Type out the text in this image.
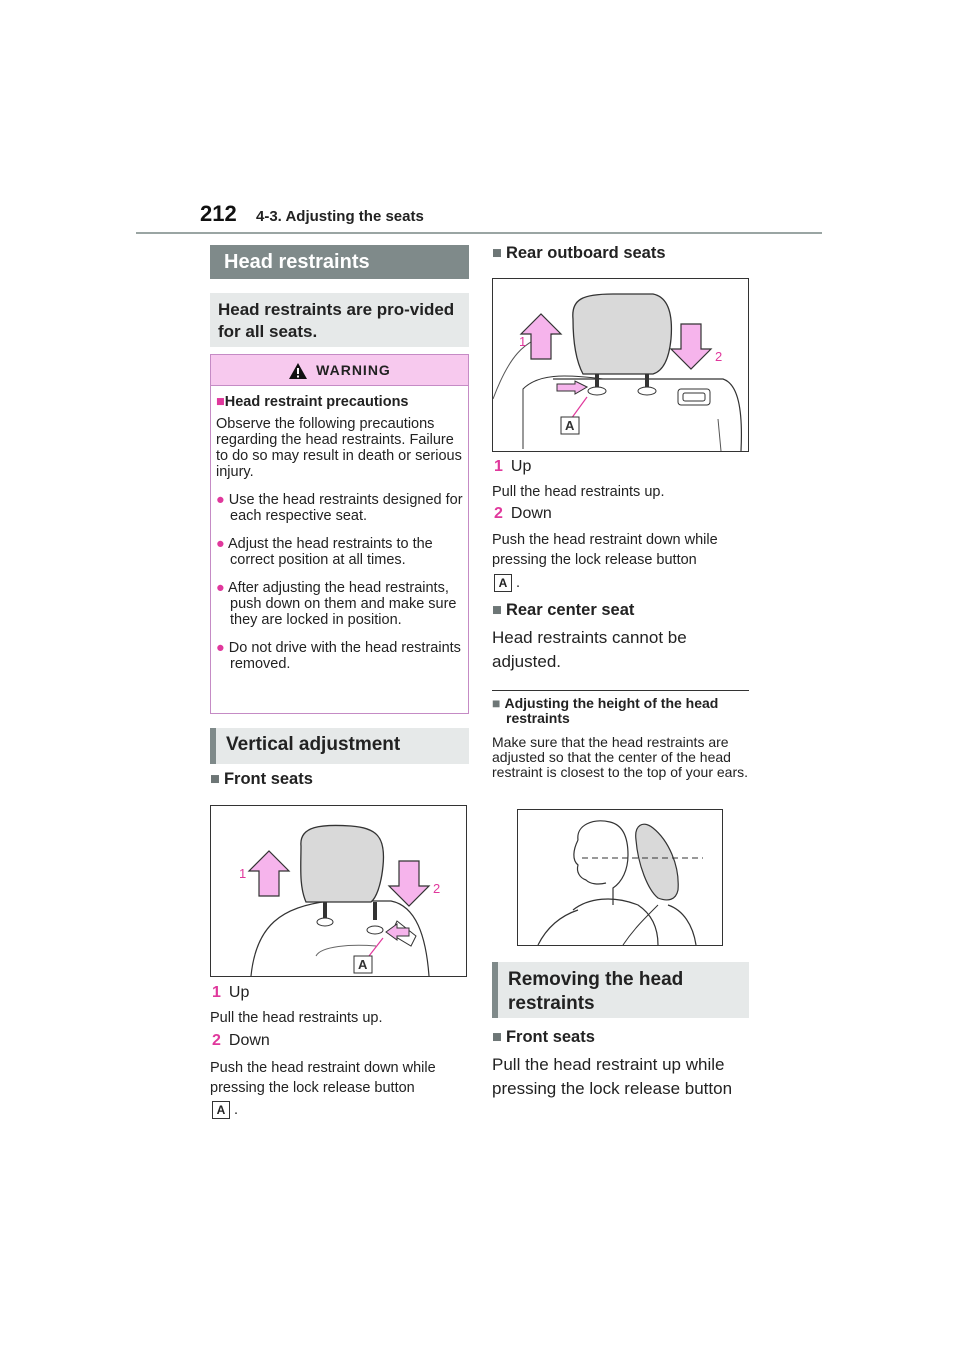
212 4-3. Adjusting the seats
Head restraints
Head restraints are pro-vided for all seats.
WARNING
■Head restraint precautions
Observe the following precautions regarding the head restraints. Failure to do so may result in death or serious injury.
● Use the head restraints designed for each respective seat.
● Adjust the head restraints to the correct position at all times.
● After adjusting the head restraints, push down on them and make sure they are locked in position.
● Do not drive with the head restraints removed.
Vertical adjustment
■ Front seats
1
2
A
1 Up
Pull the head restraints up.
2 Down
Push the head restraint down while pressing the lock release button
A .
■ Rear outboard seats
1
2
A
1 Up
Pull the head restraints up.
2 Down
Push the head restraint down while pressing the lock release button
A .
■ Rear center seat
Head restraints cannot be adjusted.
■ Adjusting the height of the head restraints
Make sure that the head restraints are adjusted so that the center of the head restraint is closest to the top of your ears.
Removing the head restraints
■ Front seats
Pull the head restraint up while pressing the lock release button
